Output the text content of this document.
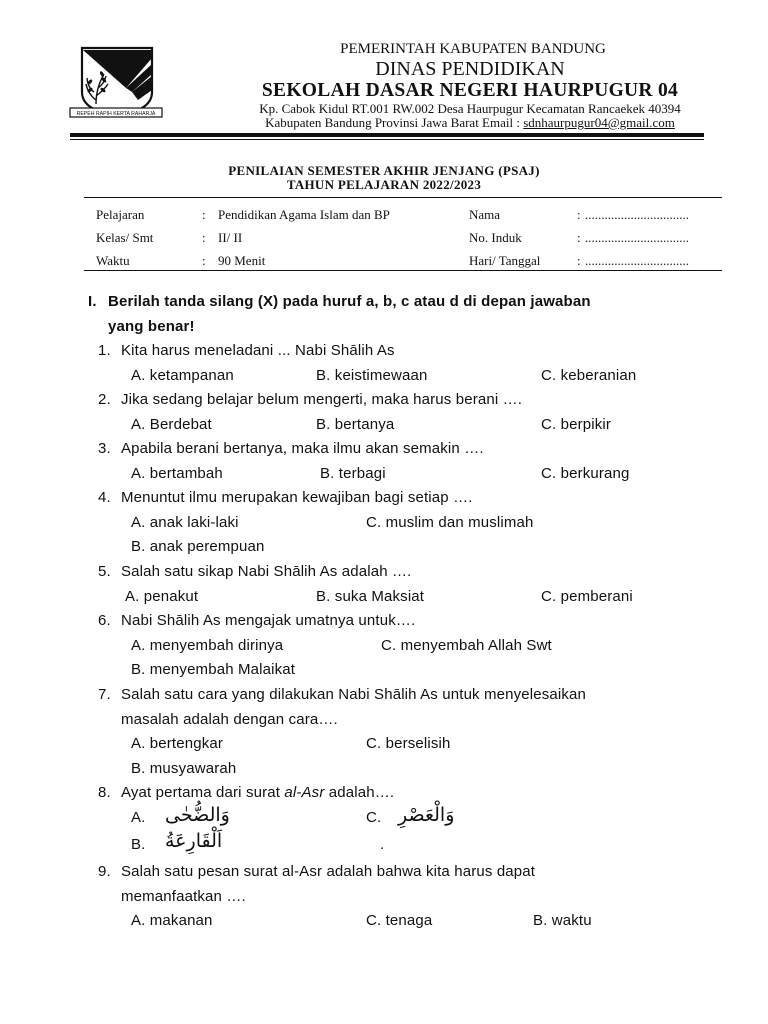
REPEH RAPIH KERTA RAHARJA
PEMERINTAH KABUPATEN BANDUNG
DINAS PENDIDIKAN
SEKOLAH DASAR NEGERI HAURPUGUR 04
Kp. Cabok Kidul RT.001 RW.002 Desa Haurpugur Kecamatan Rancaekek 40394
Kabupaten Bandung Provinsi Jawa Barat Email : sdnhaurpugur04@gmail.com
PENILAIAN SEMESTER AKHIR JENJANG (PSAJ)
TAHUN PELAJARAN 2022/2023
Pelajaran	: Pendidikan Agama Islam dan BP	Nama	: ................................
Kelas/ Smt	: II/ II	No. Induk	: ................................
Waktu	: 90 Menit	Hari/ Tanggal	: ................................
I. Berilah tanda silang (X) pada huruf a, b, c atau d di depan jawaban
yang benar!
1. Kita harus meneladani ... Nabi Shālih As
A. ketampanan	B. keistimewaan	C. keberanian
2. Jika sedang belajar belum mengerti, maka harus berani ….
A. Berdebat	B. bertanya	C. berpikir
3. Apabila berani bertanya, maka ilmu akan semakin ….
A. bertambah	B. terbagi	C. berkurang
4. Menuntut ilmu merupakan kewajiban bagi setiap ….
A. anak laki-laki	C. muslim dan muslimah
B. anak perempuan
5. Salah satu sikap Nabi Shālih As adalah ….
A. penakut	B. suka Maksiat	C. pemberani
6. Nabi Shālih As mengajak umatnya untuk….
A. menyembah dirinya	C. menyembah Allah Swt
B. menyembah Malaikat
7. Salah satu cara yang dilakukan Nabi Shālih As untuk menyelesaikan
masalah adalah dengan cara….
A. bertengkar	C. berselisih
B. musyawarah
8. Ayat pertama dari surat al-Asr adalah….
A. وَالضُّحٰى	C. وَالْعَصْرِ
B. اَلْقَارِعَةُ	.
9. Salah satu pesan surat al-Asr adalah bahwa kita harus dapat
memanfaatkan ….
A. makanan	C. tenaga	B. waktu
